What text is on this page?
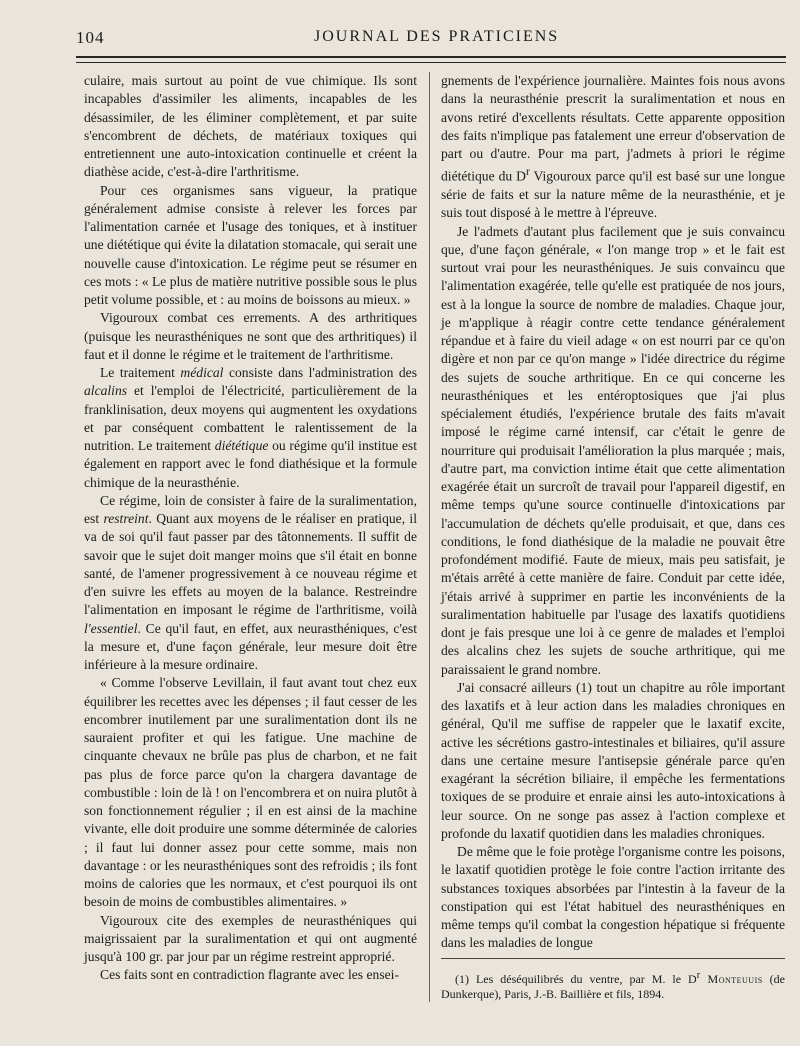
104	JOURNAL DES PRATICIENS

culaire, mais surtout au point de vue chimique. Ils sont incapables d'assimiler les aliments, incapables de les désassimiler, de les éliminer complètement, et par suite s'encombrent de déchets, de matériaux toxiques qui entretiennent une auto-intoxication continuelle et créent la diathèse acide, c'est-à-dire l'arthritisme.

Pour ces organismes sans vigueur, la pratique généralement admise consiste à relever les forces par l'alimentation carnée et l'usage des toniques, et à instituer une diététique qui évite la dilatation stomacale, qui serait une nouvelle cause d'intoxication. Le régime peut se résumer en ces mots : « Le plus de matière nutritive possible sous le plus petit volume possible, et : au moins de boissons au mieux. »

Vigouroux combat ces errements. A des arthritiques (puisque les neurasthéniques ne sont que des arthritiques) il faut et il donne le régime et le traitement de l'arthritisme.

Le traitement médical consiste dans l'administration des alcalins et l'emploi de l'électricité, particulièrement de la franklinisation, deux moyens qui augmentent les oxydations et par conséquent combattent le ralentissement de la nutrition. Le traitement diététique ou régime qu'il institue est également en rapport avec le fond diathésique et la formule chimique de la neurasthénie.

Ce régime, loin de consister à faire de la suralimentation, est restreint. Quant aux moyens de le réaliser en pratique, il va de soi qu'il faut passer par des tâtonnements. Il suffit de savoir que le sujet doit manger moins que s'il était en bonne santé, de l'amener progressivement à ce nouveau régime et d'en suivre les effets au moyen de la balance. Restreindre l'alimentation en imposant le régime de l'arthritisme, voilà l'essentiel. Ce qu'il faut, en effet, aux neurasthéniques, c'est la mesure et, d'une façon générale, leur mesure doit être inférieure à la mesure ordinaire.

« Comme l'observe Levillain, il faut avant tout chez eux équilibrer les recettes avec les dépenses ; il faut cesser de les encombrer inutilement par une suralimentation dont ils ne sauraient profiter et qui les fatigue. Une machine de cinquante chevaux ne brûle pas plus de charbon, et ne fait pas plus de force parce qu'on la chargera davantage de combustible : loin de là ! on l'encombrera et on nuira plutôt à son fonctionnement régulier ; il en est ainsi de la machine vivante, elle doit produire une somme déterminée de calories ; il faut lui donner assez pour cette somme, mais non davantage : or les neurasthéniques sont des refroidis ; ils font moins de calories que les normaux, et c'est pourquoi ils ont besoin de moins de combustibles alimentaires. »

Vigouroux cite des exemples de neurasthéniques qui maigrissaient par la suralimentation et qui ont augmenté jusqu'à 100 gr. par jour par un régime restreint approprié.

Ces faits sont en contradiction flagrante avec les ensei-

gnements de l'expérience journalière. Maintes fois nous avons dans la neurasthénie prescrit la suralimentation et nous en avons retiré d'excellents résultats. Cette apparente opposition des faits n'implique pas fatalement une erreur d'observation de part ou d'autre. Pour ma part, j'admets à priori le régime diététique du $D^r$ Vigouroux parce qu'il est basé sur une longue série de faits et sur la nature même de la neurasthénie, et je suis tout disposé à le mettre à l'épreuve.

Je l'admets d'autant plus facilement que je suis convaincu que, d'une façon générale, « l'on mange trop » et le fait est surtout vrai pour les neurasthéniques. Je suis convaincu que l'alimentation exagérée, telle qu'elle est pratiquée de nos jours, est à la longue la source de nombre de maladies. Chaque jour, je m'applique à réagir contre cette tendance généralement répandue et à faire du vieil adage « on est nourri par ce qu'on digère et non par ce qu'on mange » l'idée directrice du régime des sujets de souche arthritique. En ce qui concerne les neurasthéniques et les entéroptosiques que j'ai plus spécialement étudiés, l'expérience brutale des faits m'avait imposé le régime carné intensif, car c'était le genre de nourriture qui produisait l'amélioration la plus marquée ; mais, d'autre part, ma conviction intime était que cette alimentation exagérée était un surcroît de travail pour l'appareil digestif, en même temps qu'une source continuelle d'intoxications par l'accumulation de déchets qu'elle produisait, et que, dans ces conditions, le fond diathésique de la maladie ne pouvait être profondément modifié. Faute de mieux, mais peu satisfait, je m'étais arrêté à cette manière de faire. Conduit par cette idée, j'étais arrivé à supprimer en partie les inconvénients de la suralimentation habituelle par l'usage des laxatifs quotidiens dont je fais presque une loi à ce genre de malades et l'emploi des alcalins chez les sujets de souche arthritique, qui me paraissaient le grand nombre.

J'ai consacré ailleurs (1) tout un chapitre au rôle important des laxatifs et à leur action dans les maladies chroniques en général, Qu'il me suffise de rappeler que le laxatif excite, active les sécrétions gastro-intestinales et biliaires, qu'il assure dans une certaine mesure l'antisepsie générale parce qu'en exagérant la sécrétion biliaire, il empêche les fermentations toxiques de se produire et enraie ainsi les auto-intoxications à leur source. On ne songe pas assez à l'action complexe et profonde du laxatif quotidien dans les maladies chroniques.

De même que le foie protège l'organisme contre les poisons, le laxatif quotidien protège le foie contre l'action irritante des substances toxiques absorbées par l'intestin à la faveur de la constipation qui est l'état habituel des neurasthéniques en même temps qu'il combat la congestion hépatique si fréquente dans les maladies de longue

(1) Les déséquilibrés du ventre, par M. le $D^r$ Monteuuis (de Dunkerque), Paris, J.-B. Baillière et fils, 1894.
